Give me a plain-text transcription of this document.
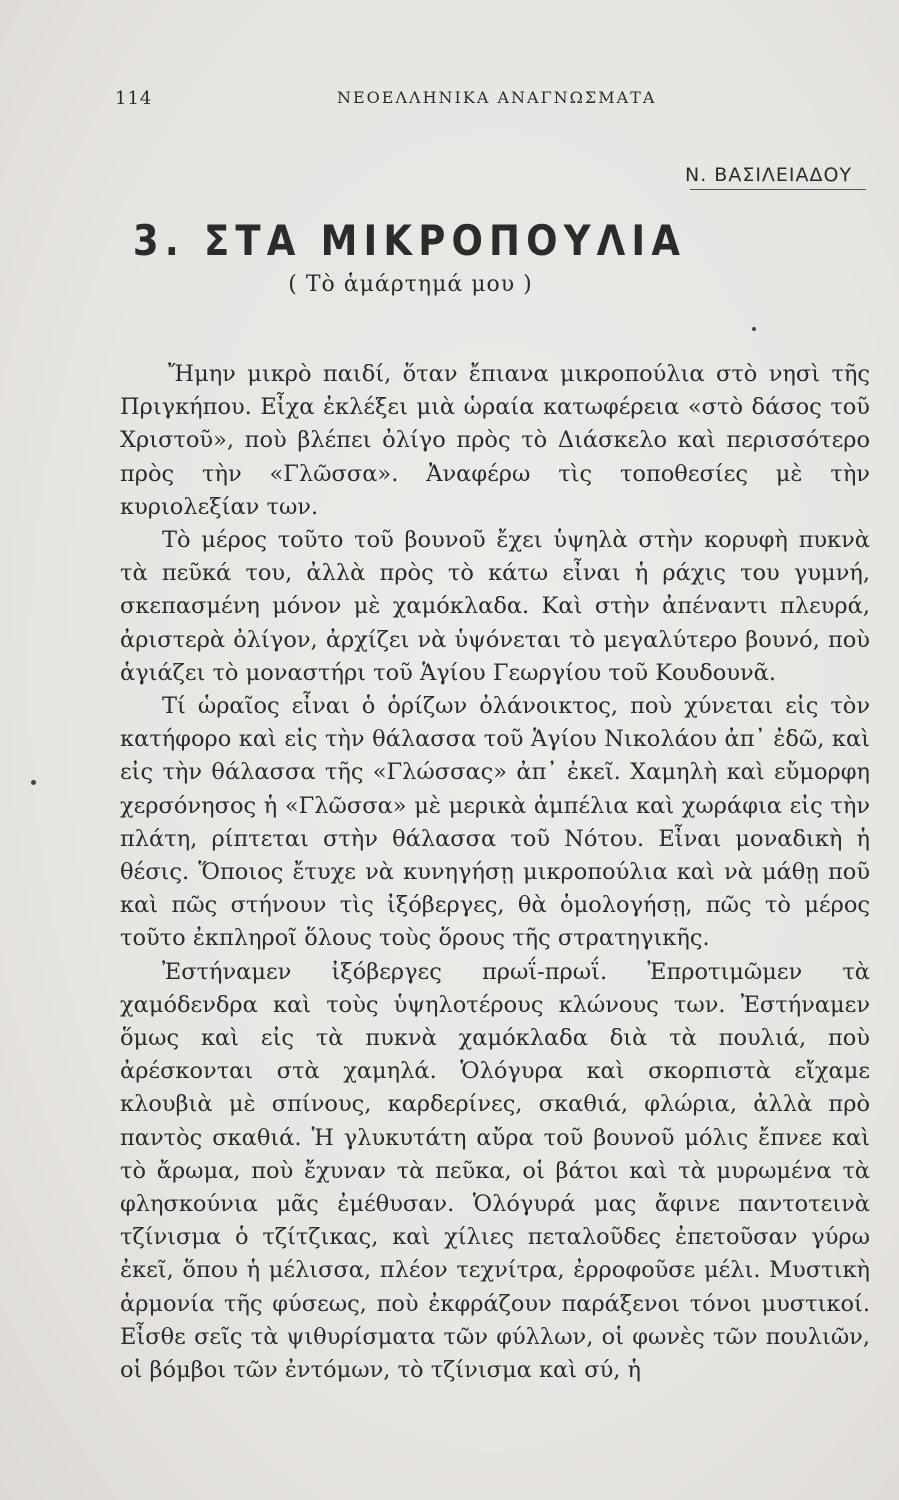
114	ΝΕΟΕΛΛΗΝΙΚΑ ΑΝΑΓΝΩΣΜΑΤΑ
Ν. ΒΑΣΙΛΕΙΑΔΟΥ
3. ΣΤΑ ΜΙΚΡΟΠΟΥΛΙΑ
( Τὸ ἁμάρτημά μου )

Ἤμην μικρὸ παιδί, ὅταν ἔπιανα μικροπούλια στὸ νησὶ τῆς Πριγκήπου. Εἶχα ἐκλέξει μιὰ ὡραία κατωφέρεια «στὸ δάσος τοῦ Χριστοῦ», ποὺ βλέπει ὀλίγο πρὸς τὸ Διάσκελο καὶ περισσότερο πρὸς τὴν «Γλῶσσα». Ἀναφέρω τὶς τοποθεσίες μὲ τὴν κυριολεξίαν των.

Τὸ μέρος τοῦτο τοῦ βουνοῦ ἔχει ὑψηλὰ στὴν κορυφὴ πυκνὰ τὰ πεῦκά του, ἀλλὰ πρὸς τὸ κάτω εἶναι ἡ ράχις του γυμνή, σκεπασμένη μόνον μὲ χαμόκλαδα. Καὶ στὴν ἀπέναντι πλευρά, ἀριστερὰ ὀλίγον, ἀρχίζει νὰ ὑψόνεται τὸ μεγαλύτερο βουνό, ποὺ ἁγιάζει τὸ μοναστήρι τοῦ Ἁγίου Γεωργίου τοῦ Κουδουνᾶ.

Τί ὡραῖος εἶναι ὁ ὁρίζων ὀλάνοικτος, ποὺ χύνεται εἰς τὸν κατήφορο καὶ εἰς τὴν θάλασσα τοῦ Ἁγίου Νικολάου ἀπ᾽ ἐδῶ, καὶ εἰς τὴν θάλασσα τῆς «Γλώσσας» ἀπ᾽ ἐκεῖ. Χαμηλὴ καὶ εὔμορφη χερσόνησος ἡ «Γλῶσσα» μὲ μερικὰ ἀμπέλια καὶ χωράφια εἰς τὴν πλάτη, ρίπτεται στὴν θάλασσα τοῦ Νότου. Εἶναι μοναδικὴ ἡ θέσις. Ὅποιος ἔτυχε νὰ κυνηγήσῃ μικροπούλια καὶ νὰ μάθῃ ποῦ καὶ πῶς στήνουν τὶς ἰξόβεργες, θὰ ὁμολογήσῃ, πῶς τὸ μέρος τοῦτο ἐκπληροῖ ὅλους τοὺς ὅρους τῆς στρατηγικῆς.

Ἐστήναμεν ἰξόβεργες πρωΐ-πρωΐ. Ἐπροτιμῶμεν τὰ χαμόδενδρα καὶ τοὺς ὑψηλοτέρους κλώνους των. Ἐστήναμεν ὅμως καὶ εἰς τὰ πυκνὰ χαμόκλαδα διὰ τὰ πουλιά, ποὺ ἀρέσκονται στὰ χαμηλά. Ὁλόγυρα καὶ σκορπιστὰ εἴχαμε κλουβιὰ μὲ σπίνους, καρδερίνες, σκαθιά, φλώρια, ἀλλὰ πρὸ παντὸς σκαθιά. Ἡ γλυκυτάτη αὔρα τοῦ βουνοῦ μόλις ἔπνεε καὶ τὸ ἄρωμα, ποὺ ἔχυναν τὰ πεῦκα, οἱ βάτοι καὶ τὰ μυρωμένα τὰ φλησκούνια μᾶς ἐμέθυσαν. Ὁλόγυρά μας ἄφινε παντοτεινὰ τζίνισμα ὁ τζίτζικας, καὶ χίλιες πεταλοῦδες ἐπετοῦσαν γύρω ἐκεῖ, ὅπου ἡ μέλισσα, πλέον τεχνίτρα, ἐρροφοῦσε μέλι. Μυστικὴ ἁρμονία τῆς φύσεως, ποὺ ἐκφράζουν παράξενοι τόνοι μυστικοί. Εἶσθε σεῖς τὰ ψιθυρίσματα τῶν φύλλων, οἱ φωνὲς τῶν πουλιῶν, οἱ βόμβοι τῶν ἐντόμων, τὸ τζίνισμα καὶ σύ, ἡ
